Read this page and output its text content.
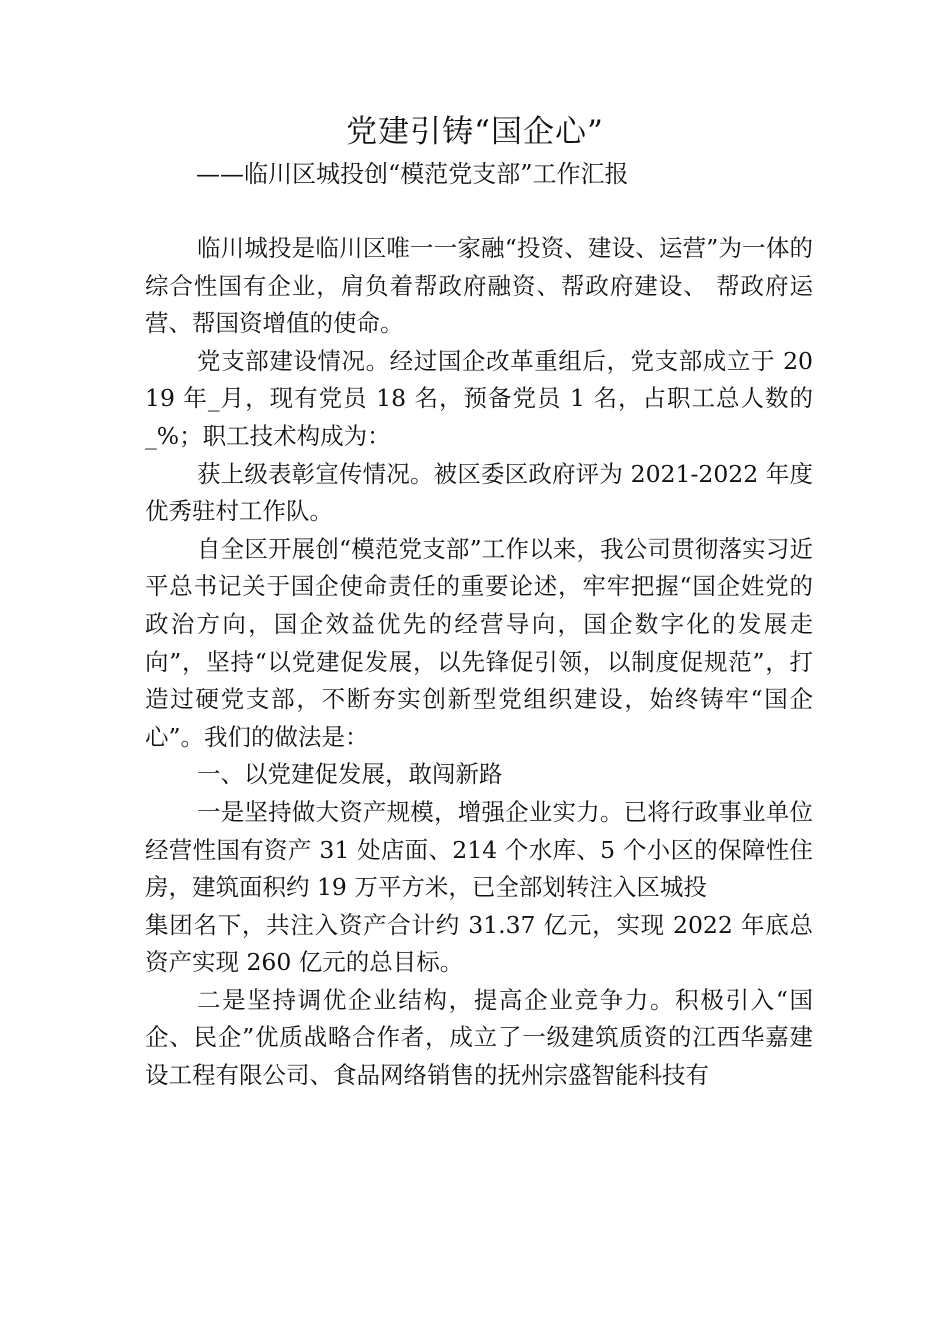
党建引铸“国企心”

——临川区城投创“模范党支部”工作汇报

临川城投是临川区唯一一家融“投资、建设、运营”为一体的综合性国有企业，肩负着帮政府融资、帮政府建设、 帮政府运营、帮国资增值的使命。

党支部建设情况。经过国企改革重组后，党支部成立于 2019 年_月，现有党员 18 名，预备党员 1 名，占职工总人数的_%；职工技术构成为：

获上级表彰宣传情况。被区委区政府评为 2021-2022 年度优秀驻村工作队。

自全区开展创“模范党支部”工作以来，我公司贯彻落实习近平总书记关于国企使命责任的重要论述，牢牢把握“国企姓党的政治方向，国企效益优先的经营导向，国企数字化的发展走向”，坚持“以党建促发展，以先锋促引领，以制度促规范”，打造过硬党支部，不断夯实创新型党组织建设，始终铸牢“国企心”。我们的做法是：

一、以党建促发展，敢闯新路

一是坚持做大资产规模，增强企业实力。已将行政事业单位经营性国有资产 31 处店面、214 个水库、5 个小区的保障性住房，建筑面积约 19 万平方米，已全部划转注入区城投

集团名下，共注入资产合计约 31.37 亿元，实现 2022 年底总资产实现 260 亿元的总目标。

二是坚持调优企业结构，提高企业竞争力。积极引入“国企、民企”优质战略合作者，成立了一级建筑质资的江西华嘉建设工程有限公司、食品网络销售的抚州宗盛智能科技有
